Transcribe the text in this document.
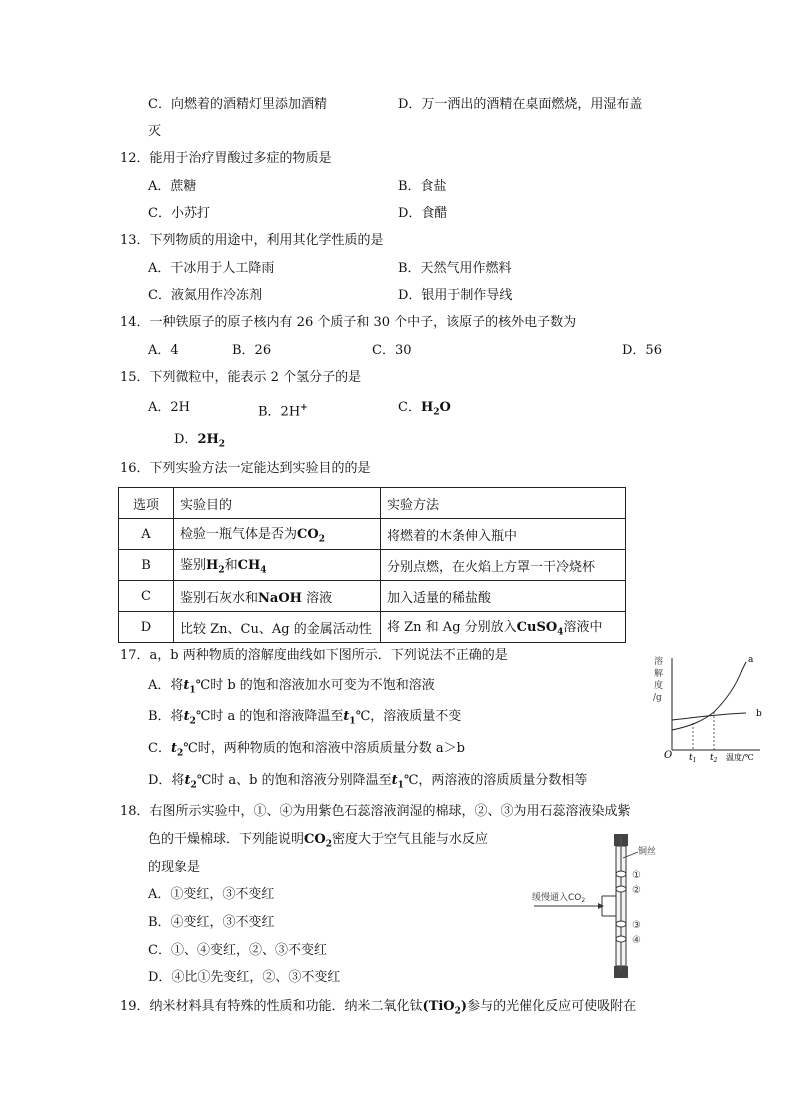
C．向燃着的酒精灯里添加酒精	D．万一洒出的酒精在桌面燃烧，用湿布盖
灭
12．能用于治疗胃酸过多症的物质是
A．蔗糖	B．食盐
C．小苏打	D．食醋
13．下列物质的用途中，利用其化学性质的是
A．干冰用于人工降雨	B．天然气用作燃料
C．液氮用作冷冻剂	D．银用于制作导线
14．一种铁原子的原子核内有 26 个质子和 30 个中子，该原子的核外电子数为
A．4	B．26	C．30	D．56
15．下列微粒中，能表示 2 个氢分子的是
A．2H	B．2H+	C．$H_2O$
D．$2H_2$
16．下列实验方法一定能达到实验目的的是
选项	实验目的	实验方法
A	检验一瓶气体是否为$CO_2$	将燃着的木条伸入瓶中
B	鉴别$H_2$和$CH_4$	分别点燃，在火焰上方罩一干冷烧杯
C	鉴别石灰水和NaOH 溶液	加入适量的稀盐酸
D	比较 Zn、Cu、Ag 的金属活动性	将 Zn 和 Ag 分别放入CuSO$_4$溶液中
17．a，b 两种物质的溶解度曲线如下图所示．下列说法不正确的是
A．将$t_1℃$时 b 的饱和溶液加水可变为不饱和溶液
B．将$t_2℃$时 a 的饱和溶液降温至$t_1℃$，溶液质量不变
C．$t_2℃$时，两种物质的饱和溶液中溶质质量分数 a＞b
D．将$t_2℃$时 a、b 的饱和溶液分别降温至$t_1℃$，两溶液的溶质质量分数相等
溶
解
度
/g
O
a
b
$t_1$ $t_2$ 温度/℃
18．右图所示实验中，①、④为用紫色石蕊溶液润湿的棉球，②、③为用石蕊溶液染成紫
色的干燥棉球．下列能说明$CO_2$密度大于空气且能与水反应
的现象是
A．①变红，③不变红
B．④变红，③不变红
C．①、④变红，②、③不变红
D．④比①先变红，②、③不变红
铜丝
①
②
③
④
缓慢通入$CO_2$
19．纳米材料具有特殊的性质和功能．纳米二氧化钛(TiO$_2$)参与的光催化反应可使吸附在
